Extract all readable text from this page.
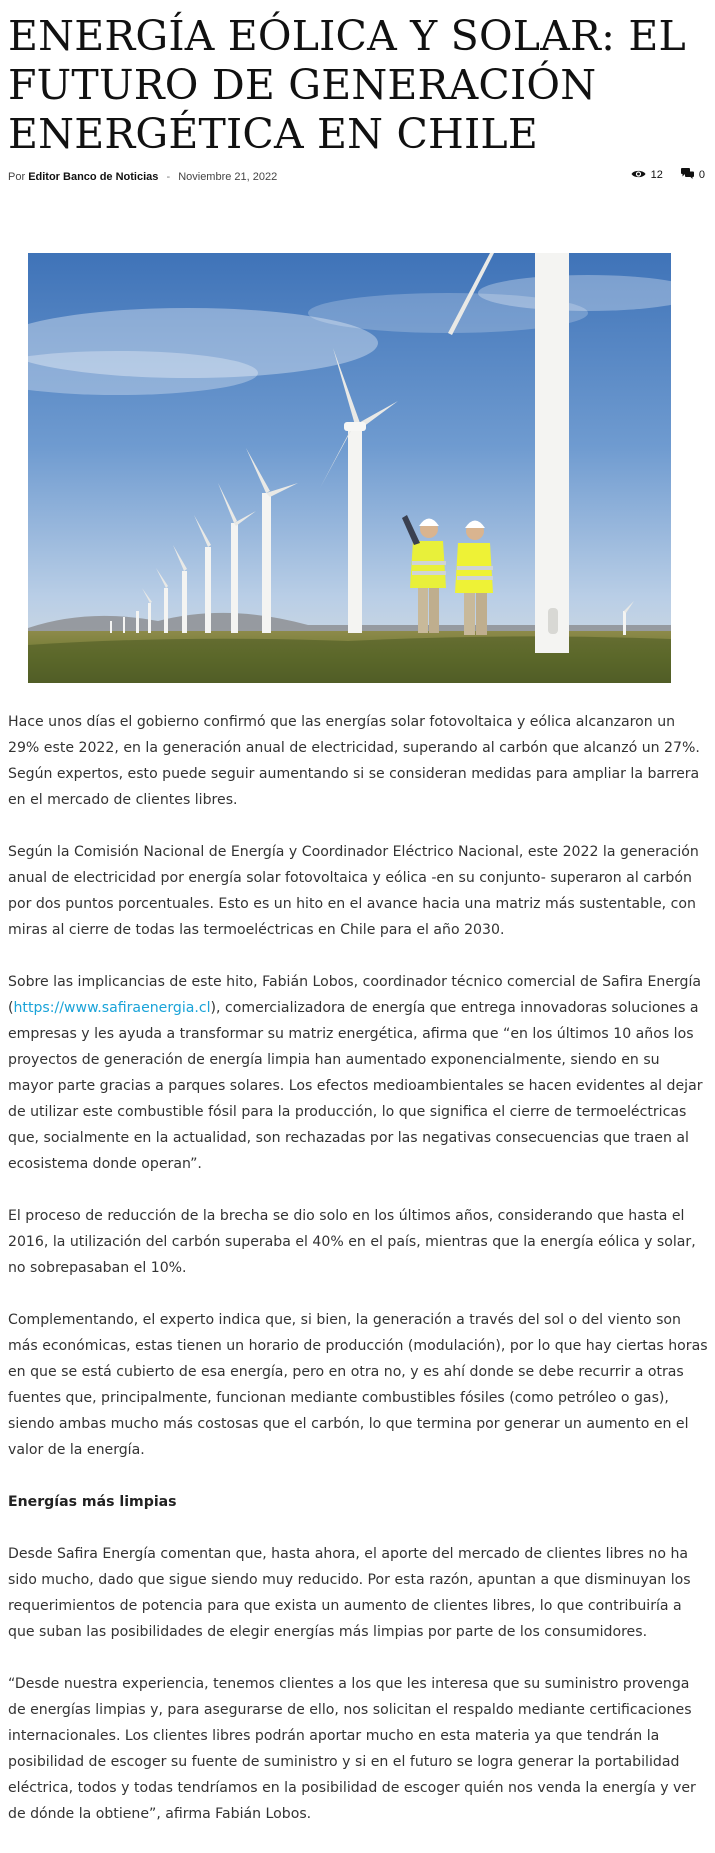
ENERGÍA EÓLICA Y SOLAR: EL FUTURO DE GENERACIÓN ENERGÉTICA EN CHILE
Por Editor Banco de Noticias - Noviembre 21, 2022	12	0

Hace unos días el gobierno confirmó que las energías solar fotovoltaica y eólica alcanzaron un 29% este 2022, en la generación anual de electricidad, superando al carbón que alcanzó un 27%. Según expertos, esto puede seguir aumentando si se consideran medidas para ampliar la barrera en el mercado de clientes libres.

Según la Comisión Nacional de Energía y Coordinador Eléctrico Nacional, este 2022 la generación anual de electricidad por energía solar fotovoltaica y eólica -en su conjunto- superaron al carbón por dos puntos porcentuales. Esto es un hito en el avance hacia una matriz más sustentable, con miras al cierre de todas las termoeléctricas en Chile para el año 2030.

Sobre las implicancias de este hito, Fabián Lobos, coordinador técnico comercial de Safira Energía (https://www.safiraenergia.cl), comercializadora de energía que entrega innovadoras soluciones a empresas y les ayuda a transformar su matriz energética, afirma que “en los últimos 10 años los proyectos de generación de energía limpia han aumentado exponencialmente, siendo en su mayor parte gracias a parques solares. Los efectos medioambientales se hacen evidentes al dejar de utilizar este combustible fósil para la producción, lo que significa el cierre de termoeléctricas que, socialmente en la actualidad, son rechazadas por las negativas consecuencias que traen al ecosistema donde operan”.

El proceso de reducción de la brecha se dio solo en los últimos años, considerando que hasta el 2016, la utilización del carbón superaba el 40% en el país, mientras que la energía eólica y solar, no sobrepasaban el 10%.

Complementando, el experto indica que, si bien, la generación a través del sol o del viento son más económicas, estas tienen un horario de producción (modulación), por lo que hay ciertas horas en que se está cubierto de esa energía, pero en otra no, y es ahí donde se debe recurrir a otras fuentes que, principalmente, funcionan mediante combustibles fósiles (como petróleo o gas), siendo ambas mucho más costosas que el carbón, lo que termina por generar un aumento en el valor de la energía.

Energías más limpias

Desde Safira Energía comentan que, hasta ahora, el aporte del mercado de clientes libres no ha sido mucho, dado que sigue siendo muy reducido. Por esta razón, apuntan a que disminuyan los requerimientos de potencia para que exista un aumento de clientes libres, lo que contribuiría a que suban las posibilidades de elegir energías más limpias por parte de los consumidores.

“Desde nuestra experiencia, tenemos clientes a los que les interesa que su suministro provenga de energías limpias y, para asegurarse de ello, nos solicitan el respaldo mediante certificaciones internacionales. Los clientes libres podrán aportar mucho en esta materia ya que tendrán la posibilidad de escoger su fuente de suministro y si en el futuro se logra generar la portabilidad eléctrica, todos y todas tendríamos en la posibilidad de escoger quién nos venda la energía y ver de dónde la obtiene”, afirma Fabián Lobos.
